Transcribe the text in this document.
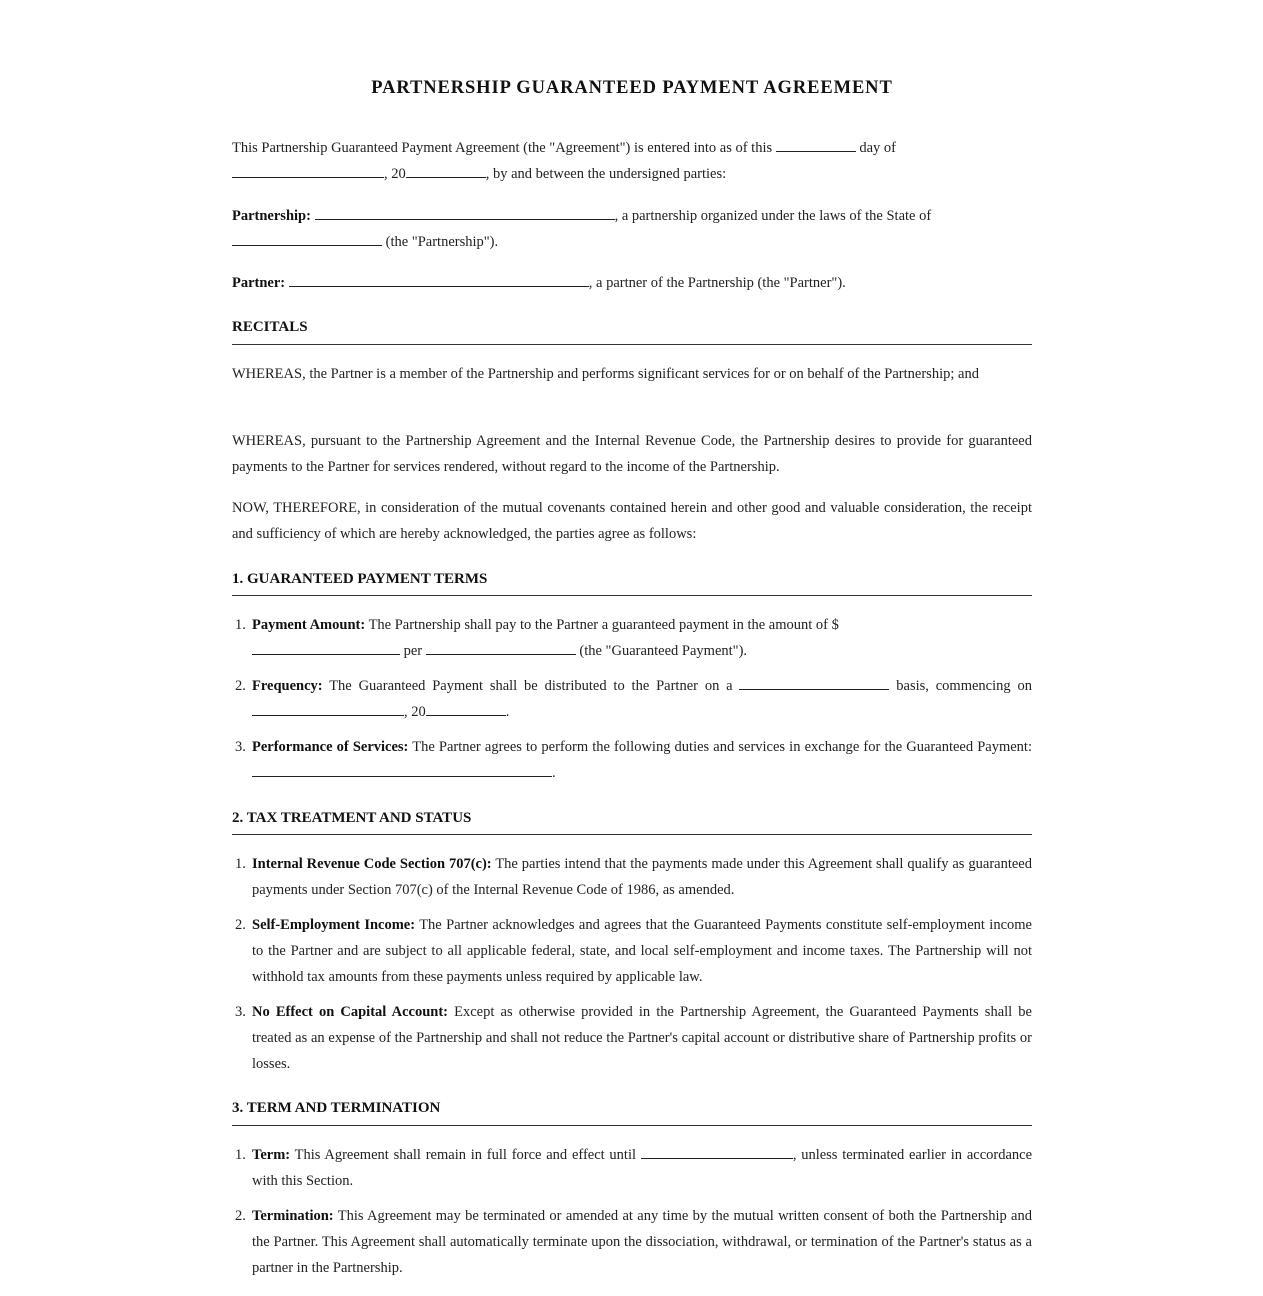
PARTNERSHIP GUARANTEED PAYMENT AGREEMENT
This Partnership Guaranteed Payment Agreement (the "Agreement") is entered into as of this	day of
, 20	, by and between the undersigned parties:
Partnership:	, a partnership organized under the laws of the State of
(the "Partnership").
Partner:	, a partner of the Partnership (the "Partner").
RECITALS
WHEREAS, the Partner is a member of the Partnership and performs significant services for or on behalf of the Partnership; and
WHEREAS, pursuant to the Partnership Agreement and the Internal Revenue Code, the Partnership desires to provide for guaranteed payments to the Partner for services rendered, without regard to the income of the Partnership.
NOW, THEREFORE, in consideration of the mutual covenants contained herein and other good and valuable consideration, the receipt and sufficiency of which are hereby acknowledged, the parties agree as follows:
1. GUARANTEED PAYMENT TERMS
1. Payment Amount: The Partnership shall pay to the Partner a guaranteed payment in the amount of $
per	(the "Guaranteed Payment").
2. Frequency: The Guaranteed Payment shall be distributed to the Partner on a	basis, commencing on , 20	.
3. Performance of Services: The Partner agrees to perform the following duties and services in exchange for the Guaranteed Payment: .
2. TAX TREATMENT AND STATUS
1. Internal Revenue Code Section 707(c): The parties intend that the payments made under this Agreement shall qualify as guaranteed payments under Section 707(c) of the Internal Revenue Code of 1986, as amended.
2. Self-Employment Income: The Partner acknowledges and agrees that the Guaranteed Payments constitute self-employment income to the Partner and are subject to all applicable federal, state, and local self-employment and income taxes. The Partnership will not withhold tax amounts from these payments unless required by applicable law.
3. No Effect on Capital Account: Except as otherwise provided in the Partnership Agreement, the Guaranteed Payments shall be treated as an expense of the Partnership and shall not reduce the Partner's capital account or distributive share of Partnership profits or losses.
3. TERM AND TERMINATION
1. Term: This Agreement shall remain in full force and effect until	, unless terminated earlier in accordance with this Section.
2. Termination: This Agreement may be terminated or amended at any time by the mutual written consent of both the Partnership and the Partner. This Agreement shall automatically terminate upon the dissociation, withdrawal, or termination of the Partner's status as a partner in the Partnership.
